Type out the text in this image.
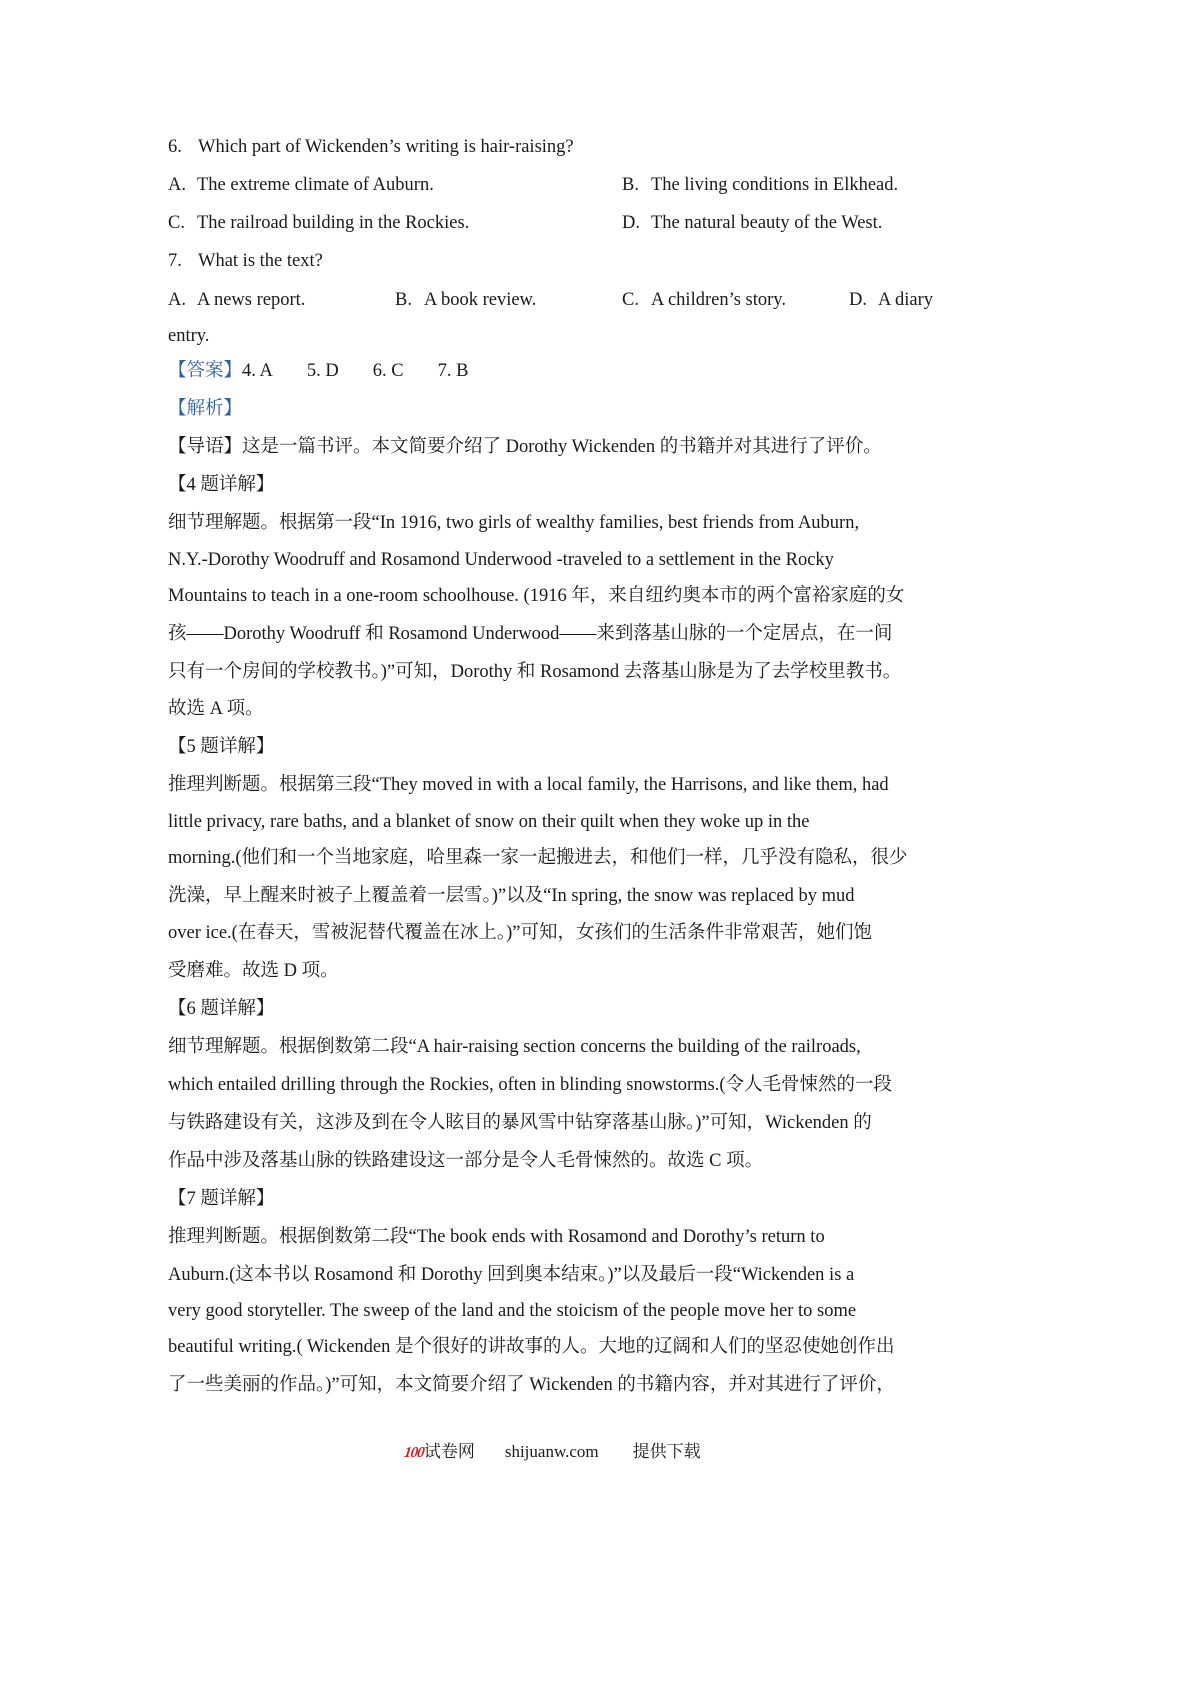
6. Which part of Wickenden’s writing is hair-raising?
A. The extreme climate of Auburn.	B. The living conditions in Elkhead.
C. The railroad building in the Rockies.	D. The natural beauty of the West.
7. What is the text?
A. A news report.	B. A book review.	C. A children’s story.	D. A diary
entry.
【答案】4. A 5. D 6. C 7. B
【解析】
【导语】这是一篇书评。本文简要介绍了 Dorothy Wickenden 的书籍并对其进行了评价。
【4 题详解】
细节理解题。根据第一段“In 1916, two girls of wealthy families, best friends from Auburn,
N.Y.-Dorothy Woodruff and Rosamond Underwood -traveled to a settlement in the Rocky
Mountains to teach in a one-room schoolhouse. (1916 年，来自纽约奥本市的两个富裕家庭的女
孩——Dorothy Woodruff 和 Rosamond Underwood——来到落基山脉的一个定居点，在一间
只有一个房间的学校教书。)”可知，Dorothy 和 Rosamond 去落基山脉是为了去学校里教书。
故选 A 项。
【5 题详解】
推理判断题。根据第三段“They moved in with a local family, the Harrisons, and like them, had
little privacy, rare baths, and a blanket of snow on their quilt when they woke up in the
morning.(他们和一个当地家庭，哈里森一家一起搬进去，和他们一样，几乎没有隐私，很少
洗澡，早上醒来时被子上覆盖着一层雪。)”以及“In spring, the snow was replaced by mud
over ice.(在春天，雪被泥替代覆盖在冰上。)”可知，女孩们的生活条件非常艰苦，她们饱
受磨难。故选 D 项。
【6 题详解】
细节理解题。根据倒数第二段“A hair-raising section concerns the building of the railroads,
which entailed drilling through the Rockies, often in blinding snowstorms.(令人毛骨悚然的一段
与铁路建设有关，这涉及到在令人眩目的暴风雪中钻穿落基山脉。)”可知，Wickenden 的
作品中涉及落基山脉的铁路建设这一部分是令人毛骨悚然的。故选 C 项。
【7 题详解】
推理判断题。根据倒数第二段“The book ends with Rosamond and Dorothy’s return to
Auburn.(这本书以 Rosamond 和 Dorothy 回到奥本结束。)”以及最后一段“Wickenden is a
very good storyteller. The sweep of the land and the stoicism of the people move her to some
beautiful writing.( Wickenden 是个很好的讲故事的人。大地的辽阔和人们的坚忍使她创作出
了一些美丽的作品。)”可知，本文简要介绍了 Wickenden 的书籍内容，并对其进行了评价，
100试卷网 shijuanw.com 提供下载
